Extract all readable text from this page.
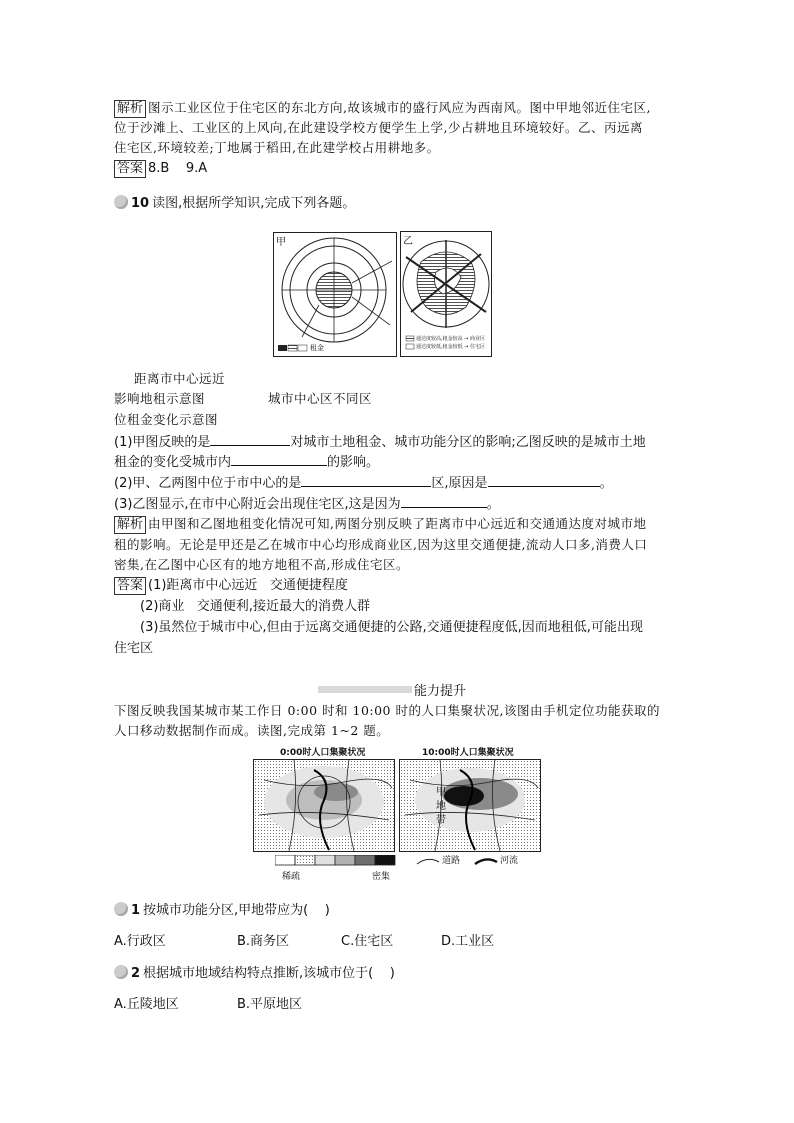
解析 图示工业区位于住宅区的东北方向,故该城市的盛行风应为西南风。图中甲地邻近住宅区,
位于沙滩上、工业区的上风向,在此建设学校方便学生上学,少占耕地且环境较好。乙、丙远离
住宅区,环境较差;丁地属于稻田,在此建学校占用耕地多。
答案 8.B    9.A
10 读图,根据所学知识,完成下列各题。
甲
租金
乙
通达度较高,租金较高 → 商业区
通达度较低,租金较低 → 住宅区
距离市中心远近
影响地租示意图	城市中心区不同区
位租金变化示意图
(1)甲图反映的是	对城市土地租金、城市功能分区的影响;乙图反映的是城市土地
租金的变化受城市内	的影响。
(2)甲、乙两图中位于市中心的是	区,原因是	。
(3)乙图显示,在市中心附近会出现住宅区,这是因为	。
解析 由甲图和乙图地租变化情况可知,两图分别反映了距离市中心远近和交通通达度对城市地
租的影响。无论是甲还是乙在城市中心均形成商业区,因为这里交通便捷,流动人口多,消费人口
密集,在乙图中心区有的地方地租不高,形成住宅区。
答案 (1)距离市中心远近   交通便捷程度
(2)商业   交通便利,接近最大的消费人群
(3)虽然位于城市中心,但由于远离交通便捷的公路,交通便捷程度低,因而地租低,可能出现
住宅区
能力提升
下图反映我国某城市某工作日 0:00 时和 10:00 时的人口集聚状况,该图由手机定位功能获取的
人口移动数据制作而成。读图,完成第 1~2 题。
0:00时人口集聚状况	10:00时人口集聚状况
甲地带
稀疏	密集
道路	河流
1 按城市功能分区,甲地带应为(    )
A.行政区	B.商务区	C.住宅区	D.工业区
2 根据城市地域结构特点推断,该城市位于(    )
A.丘陵地区	B.平原地区
